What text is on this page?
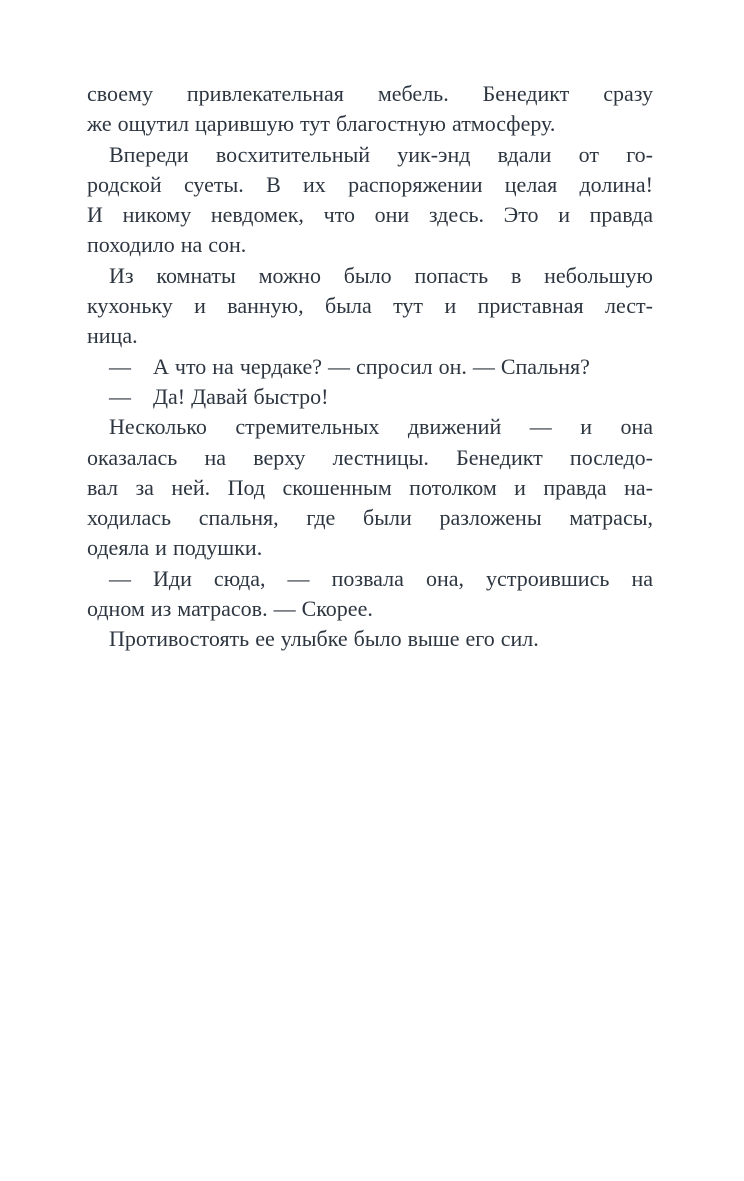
своему привлекательная мебель. Бенедикт сразу
же ощутил царившую тут благостную атмосферу.
Впереди восхитительный уик-энд вдали от го-
родской суеты. В их распоряжении целая долина!
И никому невдомек, что они здесь. Это и правда
походило на сон.
Из комнаты можно было попасть в небольшую
кухоньку и ванную, была тут и приставная лест-
ница.
— А что на чердаке? — спросил он. — Спальня?
— Да! Давай быстро!
Несколько стремительных движений — и она
оказалась на верху лестницы. Бенедикт последо-
вал за ней. Под скошенным потолком и правда на-
ходилась спальня, где были разложены матрасы,
одеяла и подушки.
— Иди сюда, — позвала она, устроившись на
одном из матрасов. — Скорее.
Противостоять ее улыбке было выше его сил.
